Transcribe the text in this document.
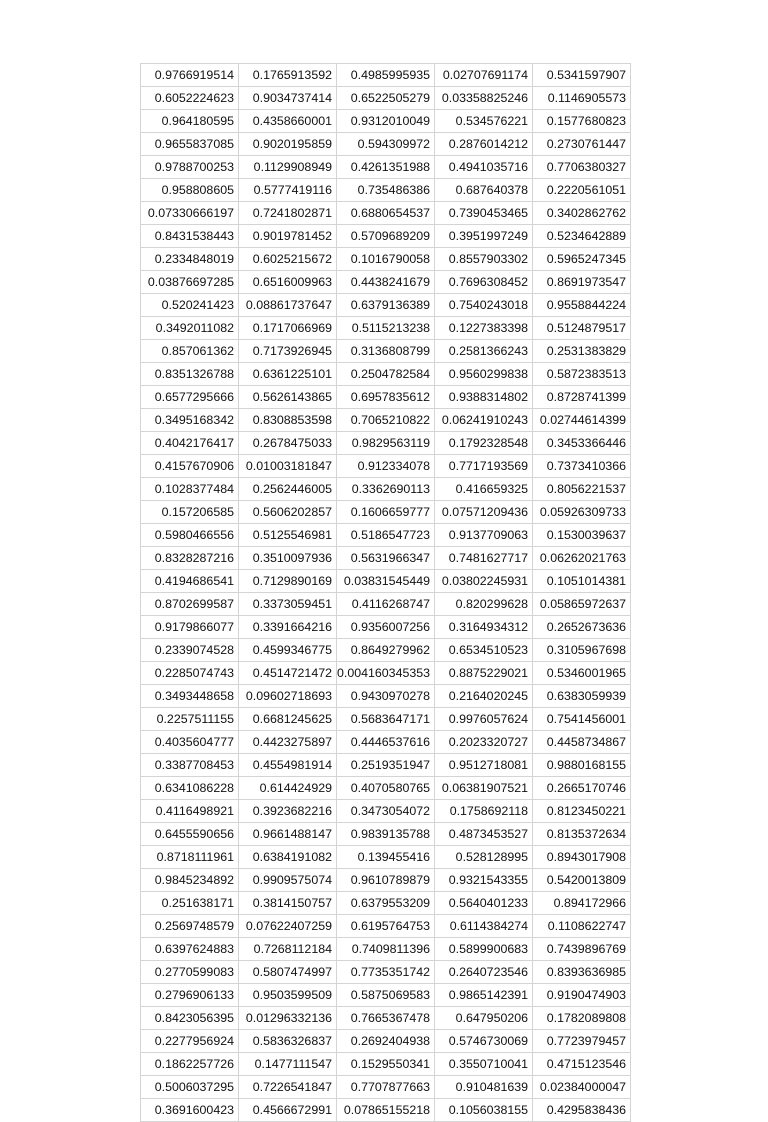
0.9766919514	0.1765913592	0.4985995935	0.02707691174	0.5341597907
0.6052224623	0.9034737414	0.6522505279	0.03358825246	0.1146905573
0.964180595	0.4358660001	0.9312010049	0.534576221	0.1577680823
0.9655837085	0.9020195859	0.594309972	0.2876014212	0.2730761447
0.9788700253	0.1129908949	0.4261351988	0.4941035716	0.7706380327
0.958808605	0.5777419116	0.735486386	0.687640378	0.2220561051
0.07330666197	0.7241802871	0.6880654537	0.7390453465	0.3402862762
0.8431538443	0.9019781452	0.5709689209	0.3951997249	0.5234642889
0.2334848019	0.6025215672	0.1016790058	0.8557903302	0.5965247345
0.03876697285	0.6516009963	0.4438241679	0.7696308452	0.8691973547
0.520241423	0.08861737647	0.6379136389	0.7540243018	0.9558844224
0.3492011082	0.1717066969	0.5115213238	0.1227383398	0.5124879517
0.857061362	0.7173926945	0.3136808799	0.2581366243	0.2531383829
0.8351326788	0.6361225101	0.2504782584	0.9560299838	0.5872383513
0.6577295666	0.5626143865	0.6957835612	0.9388314802	0.8728741399
0.3495168342	0.8308853598	0.7065210822	0.06241910243	0.02744614399
0.4042176417	0.2678475033	0.9829563119	0.1792328548	0.3453366446
0.4157670906	0.01003181847	0.912334078	0.7717193569	0.7373410366
0.1028377484	0.2562446005	0.3362690113	0.416659325	0.8056221537
0.157206585	0.5606202857	0.1606659777	0.07571209436	0.05926309733
0.5980466556	0.5125546981	0.5186547723	0.9137709063	0.1530039637
0.8328287216	0.3510097936	0.5631966347	0.7481627717	0.06262021763
0.4194686541	0.7129890169	0.03831545449	0.03802245931	0.1051014381
0.8702699587	0.3373059451	0.4116268747	0.820299628	0.05865972637
0.9179866077	0.3391664216	0.9356007256	0.3164934312	0.2652673636
0.2339074528	0.4599346775	0.8649279962	0.6534510523	0.3105967698
0.2285074743	0.4514721472	0.004160345353	0.8875229021	0.5346001965
0.3493448658	0.09602718693	0.9430970278	0.2164020245	0.6383059939
0.2257511155	0.6681245625	0.5683647171	0.9976057624	0.7541456001
0.4035604777	0.4423275897	0.4446537616	0.2023320727	0.4458734867
0.3387708453	0.4554981914	0.2519351947	0.9512718081	0.9880168155
0.6341086228	0.614424929	0.4070580765	0.06381907521	0.2665170746
0.4116498921	0.3923682216	0.3473054072	0.1758692118	0.8123450221
0.6455590656	0.9661488147	0.9839135788	0.4873453527	0.8135372634
0.8718111961	0.6384191082	0.139455416	0.528128995	0.8943017908
0.9845234892	0.9909575074	0.9610789879	0.9321543355	0.5420013809
0.251638171	0.3814150757	0.6379553209	0.5640401233	0.894172966
0.2569748579	0.07622407259	0.6195764753	0.6114384274	0.1108622747
0.6397624883	0.7268112184	0.7409811396	0.5899900683	0.7439896769
0.2770599083	0.5807474997	0.7735351742	0.2640723546	0.8393636985
0.2796906133	0.9503599509	0.5875069583	0.9865142391	0.9190474903
0.8423056395	0.01296332136	0.7665367478	0.647950206	0.1782089808
0.2277956924	0.5836326837	0.2692404938	0.5746730069	0.7723979457
0.1862257726	0.1477111547	0.1529550341	0.3550710041	0.4715123546
0.5006037295	0.7226541847	0.7707877663	0.910481639	0.02384000047
0.3691600423	0.4566672991	0.07865155218	0.1056038155	0.4295838436
